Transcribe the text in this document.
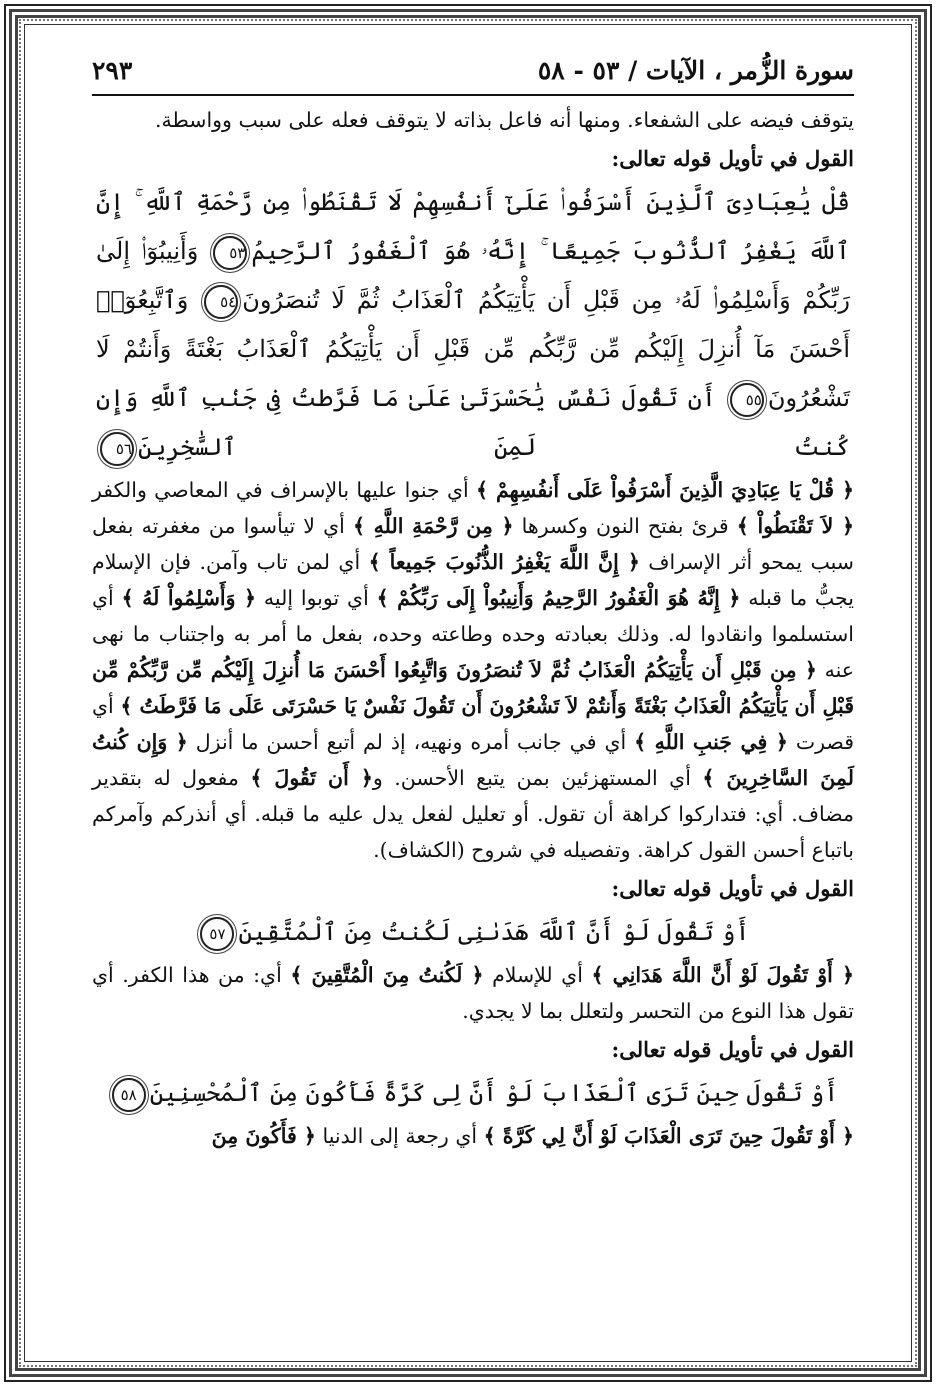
سورة الزُّمر ، الآيات / ٥٣ - ٥٨
٢٩٣

يتوقف فيضه على الشفعاء. ومنها أنه فاعل بذاته لا يتوقف فعله على سبب وواسطة.

القول في تأويل قوله تعالى:

قُلْ يَٰعِبَادِىَ ٱلَّذِينَ أَسْرَفُوا۟ عَلَىٰٓ أَنفُسِهِمْ لَا تَقْنَطُوا۟ مِن رَّحْمَةِ ٱللَّهِ ۚ إِنَّ ٱللَّهَ يَغْفِرُ ٱلذُّنُوبَ جَمِيعًا ۚ إِنَّهُۥ هُوَ ٱلْغَفُورُ ٱلرَّحِيمُ٥٣ وَأَنِيبُوٓا۟ إِلَىٰ رَبِّكُمْ وَأَسْلِمُوا۟ لَهُۥ مِن قَبْلِ أَن يَأْتِيَكُمُ ٱلْعَذَابُ ثُمَّ لَا تُنصَرُونَ٥٤ وَٱتَّبِعُوٓا۟ أَحْسَنَ مَآ أُنزِلَ إِلَيْكُم مِّن رَّبِّكُم مِّن قَبْلِ أَن يَأْتِيَكُمُ ٱلْعَذَابُ بَغْتَةً وَأَنتُمْ لَا تَشْعُرُونَ٥٥ أَن تَقُولَ نَفْسٌ يَٰحَسْرَتَىٰ عَلَىٰ مَا فَرَّطتُ فِى جَنۢبِ ٱللَّهِ وَإِن كُنتُ لَمِنَ ٱلسَّٰخِرِينَ٥٦

﴿ قُلْ يَا عِبَادِيَ الَّذِينَ أَسْرَفُواْ عَلَى أَنفُسِهِمْ ﴾ أي جنوا عليها بالإسراف في المعاصي والكفر ﴿ لاَ تَقْنَطُواْ ﴾ قرئ بفتح النون وكسرها ﴿ مِن رَّحْمَةِ اللَّهِ ﴾ أي لا تيأسوا من مغفرته بفعل سبب يمحو أثر الإسراف ﴿ إِنَّ اللَّهَ يَغْفِرُ الذُّنُوبَ جَمِيعاً ﴾ أي لمن تاب وآمن. فإن الإسلام يجبُّ ما قبله ﴿ إِنَّهُ هُوَ الْغَفُورُ الرَّحِيمُ وَأَنِيبُواْ إِلَى رَبِّكُمْ ﴾ أي توبوا إليه ﴿ وَأَسْلِمُواْ لَهُ ﴾ أي استسلموا وانقادوا له. وذلك بعبادته وحده وطاعته وحده، بفعل ما أمر به واجتناب ما نهى عنه ﴿ مِن قَبْلِ أَن يَأْتِيَكُمُ الْعَذَابُ ثُمَّ لاَ تُنصَرُونَ وَاتَّبِعُوا أَحْسَنَ مَا أُنزِلَ إِلَيْكُم مِّن رَّبِّكُمْ مِّن قَبْلِ أَن يَأْتِيَكُمُ الْعَذَابُ بَغْتَةً وَأَنتُمْ لاَ تَشْعُرُونَ أَن تَقُولَ نَفْسٌ يَا حَسْرَتَى عَلَى مَا فَرَّطَتُ ﴾ أي قصرت ﴿ فِي جَنبِ اللَّهِ ﴾ أي في جانب أمره ونهيه، إذ لم أتبع أحسن ما أنزل ﴿ وَإِن كُنتُ لَمِنَ السَّاخِرِينَ ﴾ أي المستهزئين بمن يتبع الأحسن. و﴿ أَن تَقُولَ ﴾ مفعول له بتقدير مضاف. أي: فتداركوا كراهة أن تقول. أو تعليل لفعل يدل عليه ما قبله. أي أنذركم وآمركم باتباع أحسن القول كراهة. وتفصيله في شروح (الكشاف).

القول في تأويل قوله تعالى:

أَوْ تَقُولَ لَوْ أَنَّ ٱللَّهَ هَدَىٰنِى لَكُنتُ مِنَ ٱلْمُتَّقِينَ٥٧

﴿ أَوْ تَقُولَ لَوْ أَنَّ اللَّهَ هَدَانِي ﴾ أي للإسلام ﴿ لَكُنتُ مِنَ الْمُتَّقِينَ ﴾ أي: من هذا الكفر. أي تقول هذا النوع من التحسر ولتعلل بما لا يجدي.

القول في تأويل قوله تعالى:

أَوْ تَقُولَ حِينَ تَرَى ٱلْعَذَابَ لَوْ أَنَّ لِى كَرَّةً فَأَكُونَ مِنَ ٱلْمُحْسِنِينَ٥٨

﴿ أَوْ تَقُولَ حِينَ تَرَى الْعَذَابَ لَوْ أَنَّ لِي كَرَّةً ﴾ أي رجعة إلى الدنيا ﴿ فَأَكُونَ مِنَ
